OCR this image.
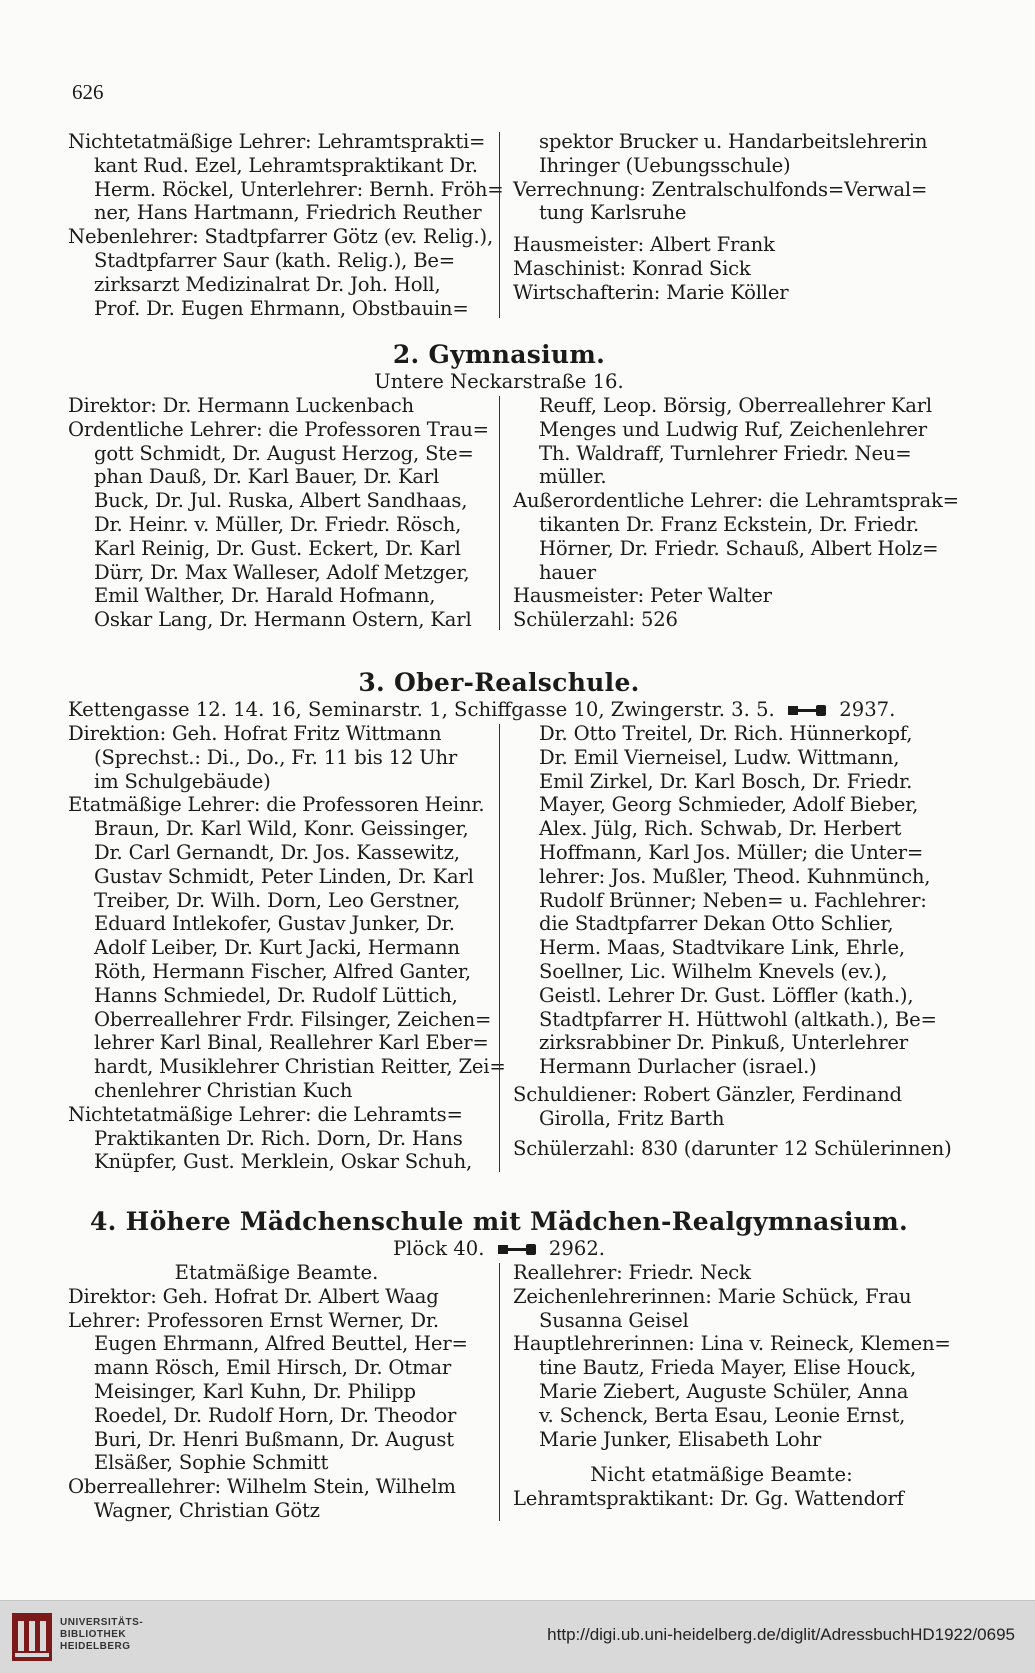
626
Nichtetatmäßige Lehrer: Lehramtsprakti=
kant Rud. Ezel, Lehramtspraktikant Dr.
Herm. Röckel, Unterlehrer: Bernh. Fröh=
ner, Hans Hartmann, Friedrich Reuther
Nebenlehrer: Stadtpfarrer Götz (ev. Relig.),
Stadtpfarrer Saur (kath. Relig.), Be=
zirksarzt Medizinalrat Dr. Joh. Holl,
Prof. Dr. Eugen Ehrmann, Obstbauin=
spektor Brucker u. Handarbeitslehrerin
Ihringer (Uebungsschule)
Verrechnung: Zentralschulfonds=Verwal=
tung Karlsruhe
Hausmeister: Albert Frank
Maschinist: Konrad Sick
Wirtschafterin: Marie Köller
2. Gymnasium.
Untere Neckarstraße 16.
Direktor: Dr. Hermann Luckenbach
Ordentliche Lehrer: die Professoren Trau=
gott Schmidt, Dr. August Herzog, Ste=
phan Dauß, Dr. Karl Bauer, Dr. Karl
Buck, Dr. Jul. Ruska, Albert Sandhaas,
Dr. Heinr. v. Müller, Dr. Friedr. Rösch,
Karl Reinig, Dr. Gust. Eckert, Dr. Karl
Dürr, Dr. Max Walleser, Adolf Metzger,
Emil Walther, Dr. Harald Hofmann,
Oskar Lang, Dr. Hermann Ostern, Karl
Reuff, Leop. Börsig, Oberreallehrer Karl
Menges und Ludwig Ruf, Zeichenlehrer
Th. Waldraff, Turnlehrer Friedr. Neu=
müller.
Außerordentliche Lehrer: die Lehramtsprak=
tikanten Dr. Franz Eckstein, Dr. Friedr.
Hörner, Dr. Friedr. Schauß, Albert Holz=
hauer
Hausmeister: Peter Walter
Schülerzahl: 526
3. Ober-Realschule.
Kettengasse 12. 14. 16, Seminarstr. 1, Schiffgasse 10, Zwingerstr. 3. 5.	2937.
Direktion: Geh. Hofrat Fritz Wittmann
(Sprechst.: Di., Do., Fr. 11 bis 12 Uhr
im Schulgebäude)
Etatmäßige Lehrer: die Professoren Heinr.
Braun, Dr. Karl Wild, Konr. Geissinger,
Dr. Carl Gernandt, Dr. Jos. Kassewitz,
Gustav Schmidt, Peter Linden, Dr. Karl
Treiber, Dr. Wilh. Dorn, Leo Gerstner,
Eduard Intlekofer, Gustav Junker, Dr.
Adolf Leiber, Dr. Kurt Jacki, Hermann
Röth, Hermann Fischer, Alfred Ganter,
Hanns Schmiedel, Dr. Rudolf Lüttich,
Oberreallehrer Frdr. Filsinger, Zeichen=
lehrer Karl Binal, Reallehrer Karl Eber=
hardt, Musiklehrer Christian Reitter, Zei=
chenlehrer Christian Kuch
Nichtetatmäßige Lehrer: die Lehramts=
Praktikanten Dr. Rich. Dorn, Dr. Hans
Knüpfer, Gust. Merklein, Oskar Schuh,
Dr. Otto Treitel, Dr. Rich. Hünnerkopf,
Dr. Emil Vierneisel, Ludw. Wittmann,
Emil Zirkel, Dr. Karl Bosch, Dr. Friedr.
Mayer, Georg Schmieder, Adolf Bieber,
Alex. Jülg, Rich. Schwab, Dr. Herbert
Hoffmann, Karl Jos. Müller; die Unter=
lehrer: Jos. Mußler, Theod. Kuhnmünch,
Rudolf Brünner; Neben= u. Fachlehrer:
die Stadtpfarrer Dekan Otto Schlier,
Herm. Maas, Stadtvikare Link, Ehrle,
Soellner, Lic. Wilhelm Knevels (ev.),
Geistl. Lehrer Dr. Gust. Löffler (kath.),
Stadtpfarrer H. Hüttwohl (altkath.), Be=
zirksrabbiner Dr. Pinkuß, Unterlehrer
Hermann Durlacher (israel.)
Schuldiener: Robert Gänzler, Ferdinand
Girolla, Fritz Barth
Schülerzahl: 830 (darunter 12 Schülerinnen)
4. Höhere Mädchenschule mit Mädchen-Realgymnasium.
Plöck 40.	2962.
Etatmäßige Beamte.
Direktor: Geh. Hofrat Dr. Albert Waag
Lehrer: Professoren Ernst Werner, Dr.
Eugen Ehrmann, Alfred Beuttel, Her=
mann Rösch, Emil Hirsch, Dr. Otmar
Meisinger, Karl Kuhn, Dr. Philipp
Roedel, Dr. Rudolf Horn, Dr. Theodor
Buri, Dr. Henri Bußmann, Dr. August
Elsäßer, Sophie Schmitt
Oberreallehrer: Wilhelm Stein, Wilhelm
Wagner, Christian Götz
Reallehrer: Friedr. Neck
Zeichenlehrerinnen: Marie Schück, Frau
Susanna Geisel
Hauptlehrerinnen: Lina v. Reineck, Klemen=
tine Bautz, Frieda Mayer, Elise Houck,
Marie Ziebert, Auguste Schüler, Anna
v. Schenck, Berta Esau, Leonie Ernst,
Marie Junker, Elisabeth Lohr
Nicht etatmäßige Beamte:
Lehramtspraktikant: Dr. Gg. Wattendorf
UNIVERSITÄTS-
BIBLIOTHEK
HEIDELBERG
http://digi.ub.uni-heidelberg.de/diglit/AdressbuchHD1922/0695
